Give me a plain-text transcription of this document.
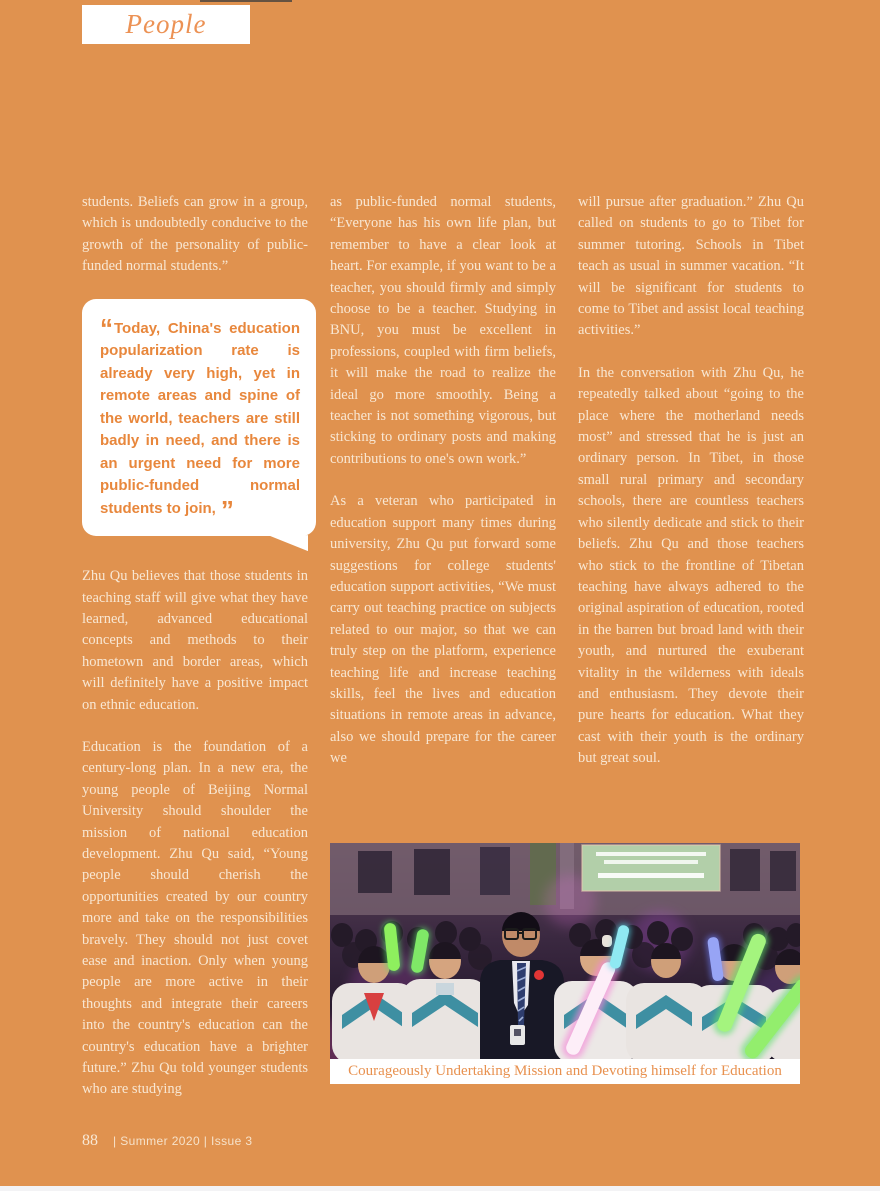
People

students. Beliefs can grow in a group, which is undoubtedly conducive to the growth of the personality of public-funded normal students.”

“ Today, China's education popularization rate is already very high, yet in remote areas and spine of the world, teachers are still badly in need, and there is an urgent need for more public-funded normal students to join, ”

Zhu Qu believes that those students in teaching staff will give what they have learned, advanced educational concepts and methods to their hometown and border areas, which will definitely have a positive impact on ethnic education.

Education is the foundation of a century-long plan. In a new era, the young people of Beijing Normal University should shoulder the mission of national education development. Zhu Qu said, “Young people should cherish the opportunities created by our country more and take on the responsibilities bravely. They should not just covet ease and inaction. Only when young people are more active in their thoughts and integrate their careers into the country's education can the country's education have a brighter future.” Zhu Qu told younger students who are studying

as public-funded normal students, “Everyone has his own life plan, but remember to have a clear look at heart. For example, if you want to be a teacher, you should firmly and simply choose to be a teacher. Studying in BNU, you must be excellent in professions, coupled with firm beliefs, it will make the road to realize the ideal go more smoothly. Being a teacher is not something vigorous, but sticking to ordinary posts and making contributions to one's own work.”

As a veteran who participated in education support many times during university, Zhu Qu put forward some suggestions for college students' education support activities, “We must carry out teaching practice on subjects related to our major, so that we can truly step on the platform, experience teaching life and increase teaching skills, feel the lives and education situations in remote areas in advance, also we should prepare for the career we

will pursue after graduation.” Zhu Qu called on students to go to Tibet for summer tutoring. Schools in Tibet teach as usual in summer vacation. “It will be significant for students to come to Tibet and assist local teaching activities.”

In the conversation with Zhu Qu, he repeatedly talked about “going to the place where the motherland needs most” and stressed that he is just an ordinary person. In Tibet, in those small rural primary and secondary schools, there are countless teachers who silently dedicate and stick to their beliefs. Zhu Qu and those teachers who stick to the frontline of Tibetan teaching have always adhered to the original aspiration of education, rooted in the barren but broad land with their youth, and nurtured the exuberant vitality in the wilderness with ideals and enthusiasm. They devote their pure hearts for education. What they cast with their youth is the ordinary but great soul.

Courageously Undertaking Mission and Devoting himself for Education
88 | Summer 2020 | Issue 3
